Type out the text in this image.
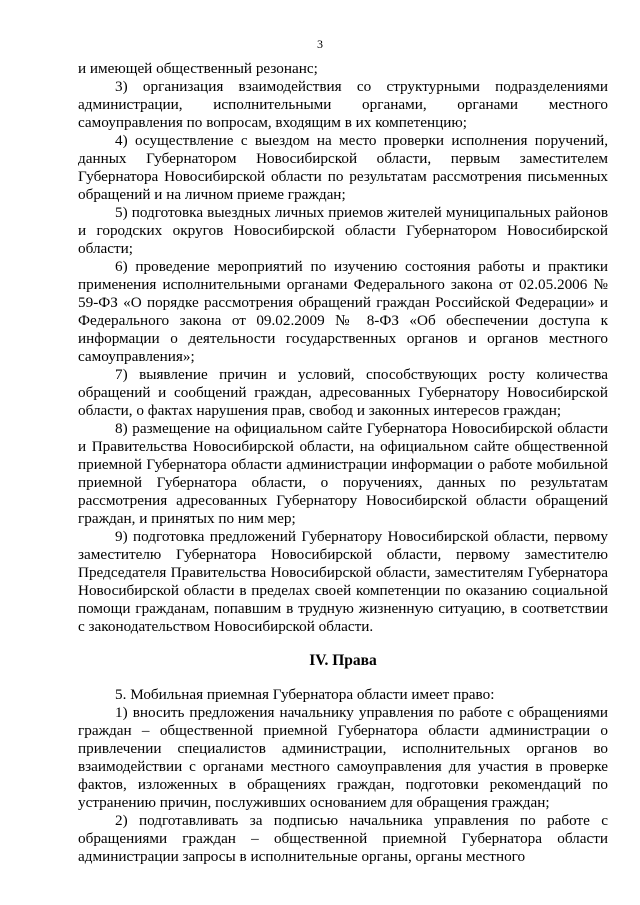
3

и имеющей общественный резонанс;

3) организация взаимодействия со структурными подразделениями администрации, исполнительными органами, органами местного самоуправления по вопросам, входящим в их компетенцию;

4) осуществление с выездом на место проверки исполнения поручений, данных Губернатором Новосибирской области, первым заместителем Губернатора Новосибирской области по результатам рассмотрения письменных обращений и на личном приеме граждан;

5) подготовка выездных личных приемов жителей муниципальных районов и городских округов Новосибирской области Губернатором Новосибирской области;

6) проведение мероприятий по изучению состояния работы и практики применения исполнительными органами Федерального закона от 02.05.2006 № 59-ФЗ «О порядке рассмотрения обращений граждан Российской Федерации» и Федерального закона от 09.02.2009 № 8-ФЗ «Об обеспечении доступа к информации о деятельности государственных органов и органов местного самоуправления»;

7) выявление причин и условий, способствующих росту количества обращений и сообщений граждан, адресованных Губернатору Новосибирской области, о фактах нарушения прав, свобод и законных интересов граждан;

8) размещение на официальном сайте Губернатора Новосибирской области и Правительства Новосибирской области, на официальном сайте общественной приемной Губернатора области администрации информации о работе мобильной приемной Губернатора области, о поручениях, данных по результатам рассмотрения адресованных Губернатору Новосибирской области обращений граждан, и принятых по ним мер;

9) подготовка предложений Губернатору Новосибирской области, первому заместителю Губернатора Новосибирской области, первому заместителю Председателя Правительства Новосибирской области, заместителям Губернатора Новосибирской области в пределах своей компетенции по оказанию социальной помощи гражданам, попавшим в трудную жизненную ситуацию, в соответствии с законодательством Новосибирской области.

IV. Права

5. Мобильная приемная Губернатора области имеет право:

1) вносить предложения начальнику управления по работе с обращениями граждан – общественной приемной Губернатора области администрации о привлечении специалистов администрации, исполнительных органов во взаимодействии с органами местного самоуправления для участия в проверке фактов, изложенных в обращениях граждан, подготовки рекомендаций по устранению причин, послуживших основанием для обращения граждан;

2) подготавливать за подписью начальника управления по работе с обращениями граждан – общественной приемной Губернатора области администрации запросы в исполнительные органы, органы местного
